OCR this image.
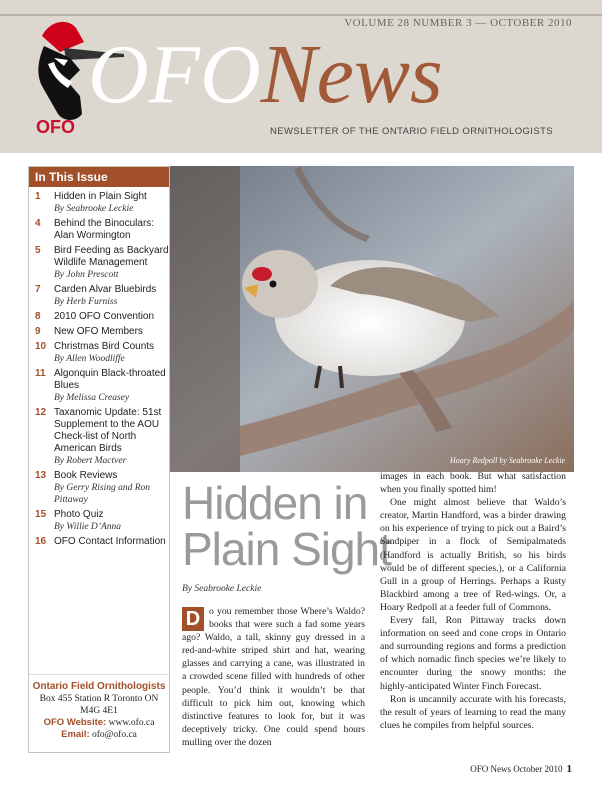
VOLUME 28 NUMBER 3 — OCTOBER 2010
OFO
OFONews
NEWSLETTER OF THE ONTARIO FIELD ORNITHOLOGISTS
In This Issue
1 Hidden in Plain Sight
By Seabrooke Leckie
4 Behind the Binoculars: Alan Wormington
5 Bird Feeding as Backyard Wildlife Management
By John Prescott
7 Carden Alvar Bluebirds
By Herb Furniss
8 2010 OFO Convention
9 New OFO Members
10 Christmas Bird Counts
By Allen Woodliffe
11 Algonquin Black-throated Blues
By Melissa Creasey
12 Taxanomic Update: 51st Supplement to the AOU Check-list of North American Birds
By Robert Mactver
13 Book Reviews
By Gerry Rising and Ron Pittaway
15 Photo Quiz
By Willie D’Anna
16 OFO Contact Information
Ontario Field Ornithologists
Box 455 Station R Toronto ON M4G 4E1
OFO Website: www.ofo.ca
Email: ofo@ofo.ca
Hoary Redpoll by Seabrooke Leckie
Hidden in
Plain Sight
By Seabrooke Leckie

D o you remember those Where’s Waldo? books that were such a fad some years ago? Waldo, a tall, skinny guy dressed in a red-and-white striped shirt and hat, wearing glasses and carrying a cane, was illustrated in a crowded scene filled with hundreds of other people. You’d think it wouldn’t be that difficult to pick him out, knowing which distinctive features to look for, but it was deceptively tricky. One could spend hours mulling over the dozen

images in each book. But what satisfaction when you finally spotted him!

One might almost believe that Waldo’s creator, Martin Handford, was a birder drawing on his experience of trying to pick out a Baird’s Sandpiper in a flock of Semipalmateds (Handford is actually British, so his birds would be of different species.), or a California Gull in a group of Herrings. Perhaps a Rusty Blackbird among a tree of Red-wings. Or, a Hoary Redpoll at a feeder full of Commons.

Every fall, Ron Pittaway tracks down information on seed and cone crops in Ontario and surrounding regions and forms a prediction of which nomadic finch species we’re likely to encounter during the snowy months: the highly-anticipated Winter Finch Forecast.

Ron is uncannily accurate with his forecasts, the result of years of learning to read the many clues he compiles from helpful sources.

OFO News October 2010 1
